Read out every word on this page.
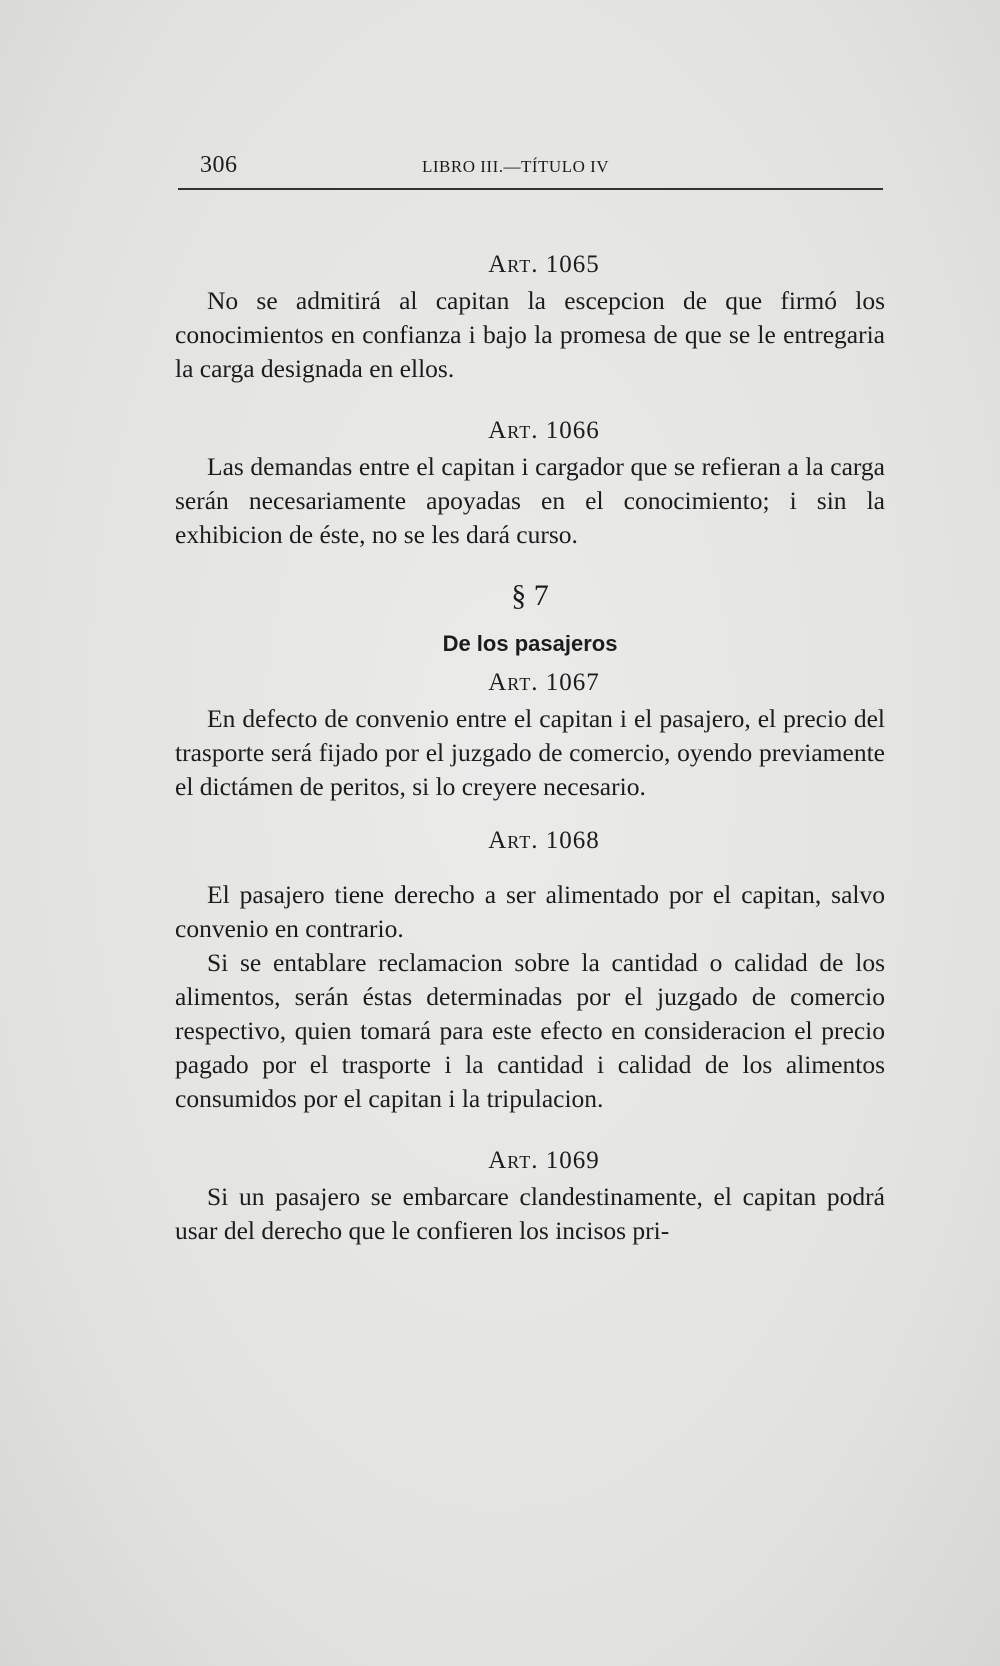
306	LIBRO III.—TÍTULO IV
Art. 1065

No se admitirá al capitan la escepcion de que firmó los conocimientos en confianza i bajo la promesa de que se le entregaria la carga designada en ellos.

Art. 1066

Las demandas entre el capitan i cargador que se refieran a la carga serán necesariamente apoyadas en el conocimiento; i sin la exhibicion de éste, no se les dará curso.

§ 7
De los pasajeros
Art. 1067

En defecto de convenio entre el capitan i el pasajero, el precio del trasporte será fijado por el juzgado de comercio, oyendo previamente el dictámen de peritos, si lo creyere necesario.

Art. 1068

El pasajero tiene derecho a ser alimentado por el capitan, salvo convenio en contrario.

Si se entablare reclamacion sobre la cantidad o calidad de los alimentos, serán éstas determinadas por el juzgado de comercio respectivo, quien tomará para este efecto en consideracion el precio pagado por el trasporte i la cantidad i calidad de los alimentos consumidos por el capitan i la tripulacion.

Art. 1069

Si un pasajero se embarcare clandestinamente, el capitan podrá usar del derecho que le confieren los incisos pri-
